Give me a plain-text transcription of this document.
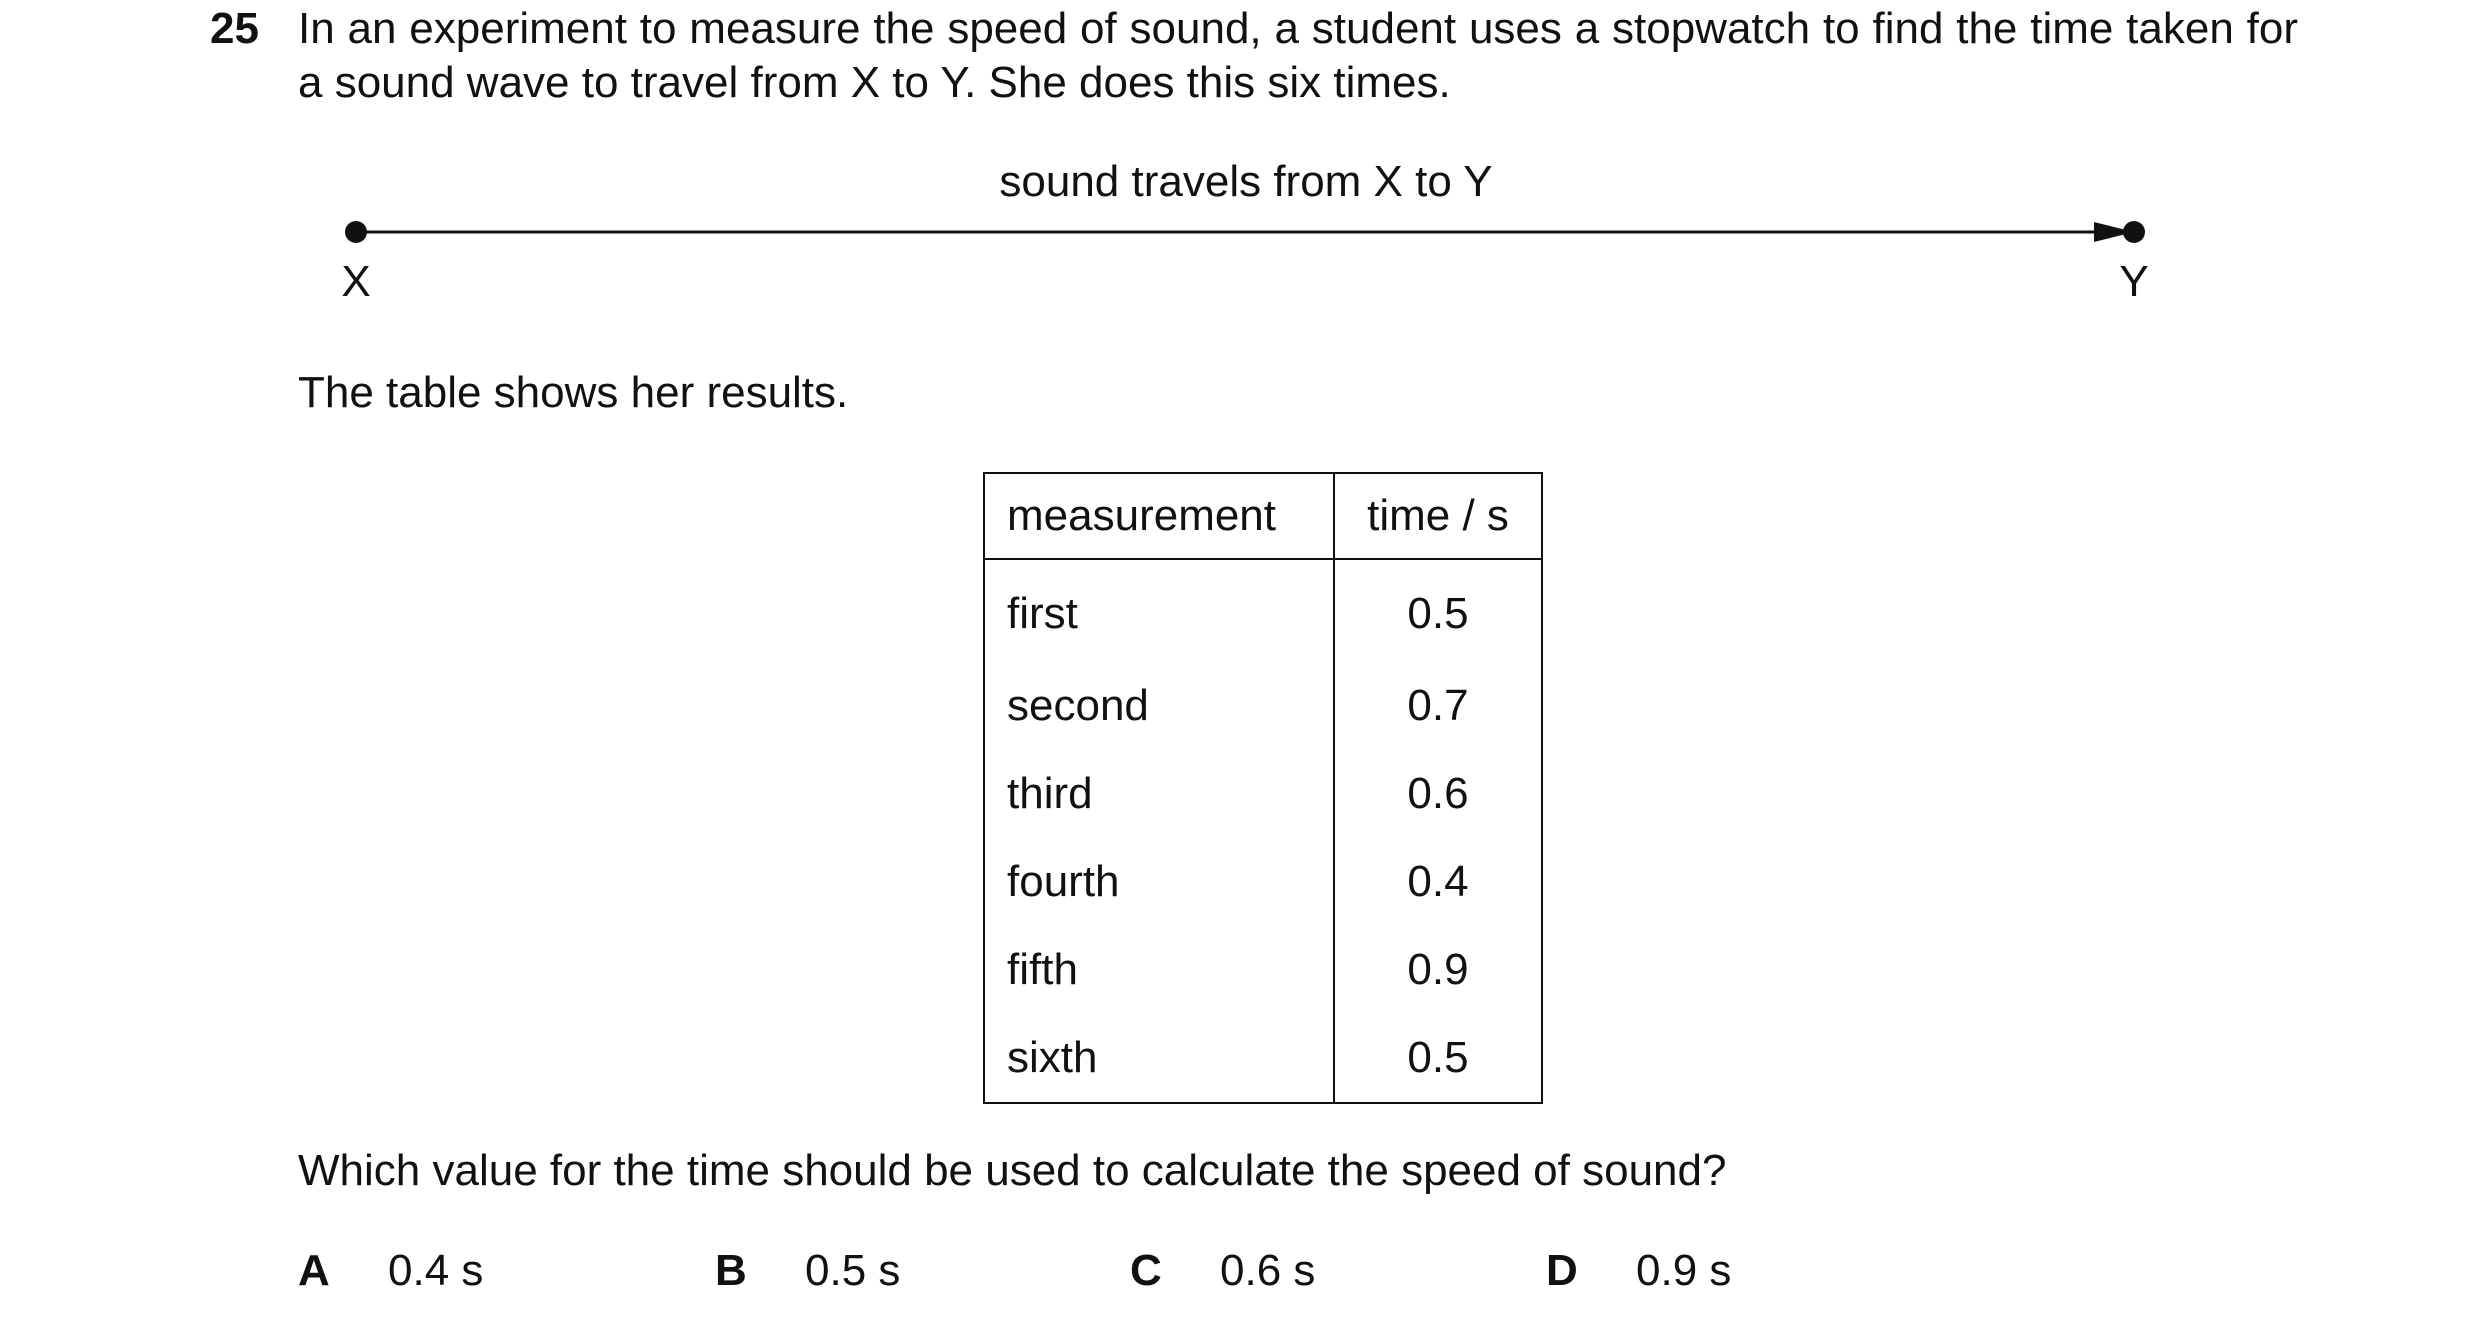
25 In an experiment to measure the speed of sound, a student uses a stopwatch to find the time taken for a sound wave to travel from X to Y. She does this six times.
sound travels from X to Y
X	Y
The table shows her results.
measurement	time / s
first	0.5
second	0.7
third	0.6
fourth	0.4
fifth	0.9
sixth	0.5
Which value for the time should be used to calculate the speed of sound?
A 0.4 s	B 0.5 s	C 0.6 s	D 0.9 s
